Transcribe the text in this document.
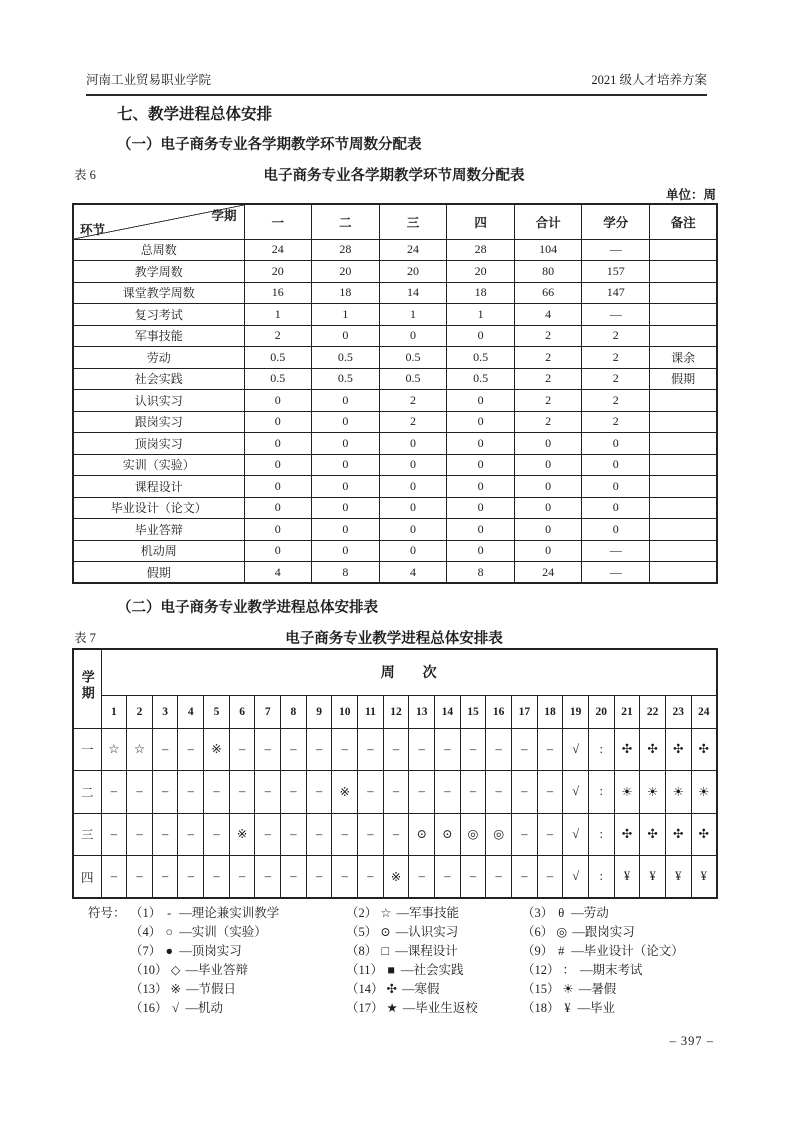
河南工业贸易职业学院	2021 级人才培养方案
七、教学进程总体安排
（一）电子商务专业各学期教学环节周数分配表
表 6	电子商务专业各学期教学环节周数分配表
单位：周
学期
环节	一	二	三	四	合计	学分	备注
总周数	24	28	24	28	104	—	
教学周数	20	20	20	20	80	157	
课堂教学周数	16	18	14	18	66	147	
复习考试	1	1	1	1	4	—	
军事技能	2	0	0	0	2	2	
劳动	0.5	0.5	0.5	0.5	2	2	课余
社会实践	0.5	0.5	0.5	0.5	2	2	假期
认识实习	0	0	2	0	2	2	
跟岗实习	0	0	2	0	2	2	
顶岗实习	0	0	0	0	0	0	
实训（实验）	0	0	0	0	0	0	
课程设计	0	0	0	0	0	0	
毕业设计（论文）	0	0	0	0	0	0	
毕业答辩	0	0	0	0	0	0	
机动周	0	0	0	0	0	—	
假期	4	8	4	8	24	—	
（二）电子商务专业教学进程总体安排表
表 7	电子商务专业教学进程总体安排表
学期	周        次																							
	1	2	3	4	5	6	7	8	9	10	11	12	13	14	15	16	17	18	19	20	21	22	23	24
一	☆	☆	–	–	※	–	–	–	–	–	–	–	–	–	–	–	–	–	√	:	✣	✣	✣	✣
二	–	–	–	–	–	–	–	–	–	※	–	–	–	–	–	–	–	–	√	:	☀	☀	☀	☀
三	–	–	–	–	–	※	–	–	–	–	–	–	⊙	⊙	◎	◎	–	–	√	:	✣	✣	✣	✣
四	–	–	–	–	–	–	–	–	–	–	–	※	–	–	–	–	–	–	√	:	¥	¥	¥	¥
符号： （1） - —理论兼实训教学	（2） ☆ —军事技能	（3） θ —劳动
（4） ○ —实训（实验）	（5） ⊙ —认识实习	（6） ◎ —跟岗实习
（7） ● —顶岗实习	（8） □ —课程设计	（9） # —毕业设计（论文）
（10） ◇ —毕业答辩	（11） ■ —社会实践	（12） ： —期末考试
（13） ※ —节假日	（14） ✣ —寒假	（15） ☀ —暑假
（16） √ —机动	（17） ★ —毕业生返校	（18） ¥ —毕业
– 397 –
